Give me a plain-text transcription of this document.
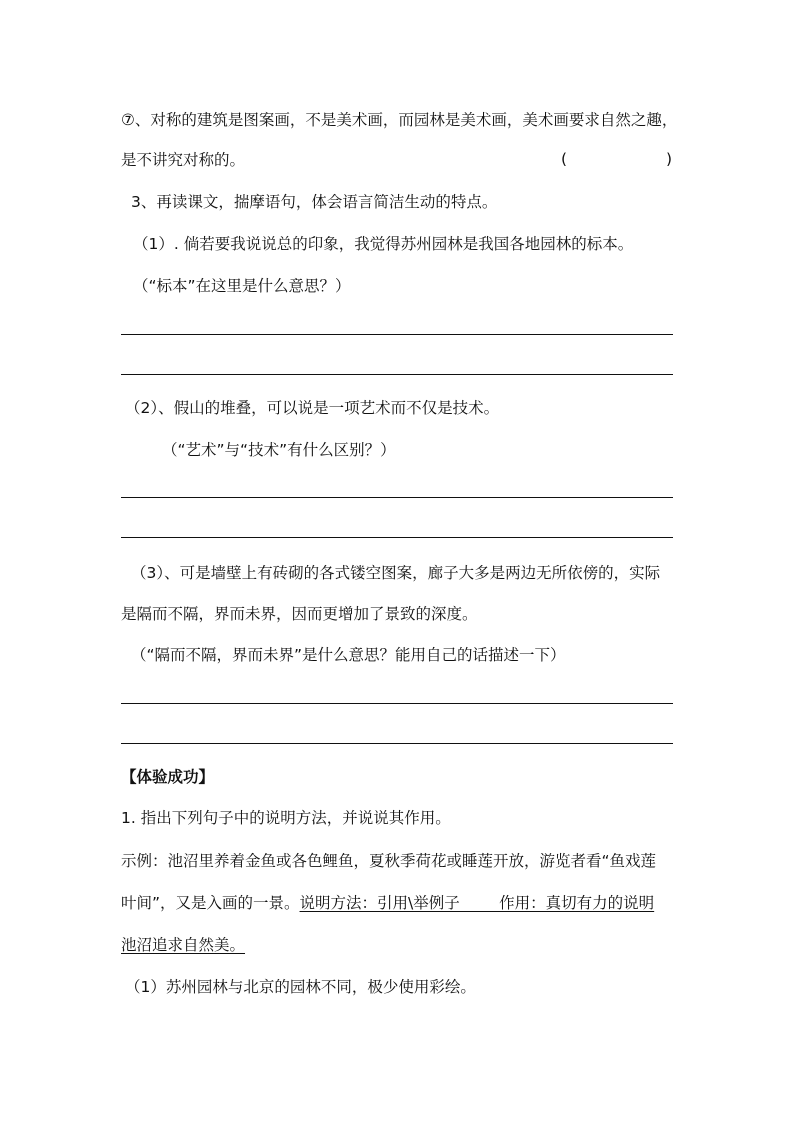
⑦、对称的建筑是图案画，不是美术画，而园林是美术画，美术画要求自然之趣，
是不讲究对称的。	(	)
3、再读课文，揣摩语句，体会语言简洁生动的特点。
（1）. 倘若要我说说总的印象，我觉得苏州园林是我国各地园林的标本。
（“标本”在这里是什么意思？）
（2）、假山的堆叠，可以说是一项艺术而不仅是技术。
（“艺术”与“技术”有什么区别？）
（3）、可是墙壁上有砖砌的各式镂空图案，廊子大多是两边无所依傍的，实际
是隔而不隔，界而未界，因而更增加了景致的深度。
（“隔而不隔，界而未界”是什么意思？能用自己的话描述一下）
【体验成功】
1. 指出下列句子中的说明方法，并说说其作用。
示例：池沼里养着金鱼或各色鲤鱼，夏秋季荷花或睡莲开放，游览者看“鱼戏莲
叶间”，又是入画的一景。说明方法：引用\举例子        作用：真切有力的说明
池沼追求自然美。
（1）苏州园林与北京的园林不同，极少使用彩绘。
